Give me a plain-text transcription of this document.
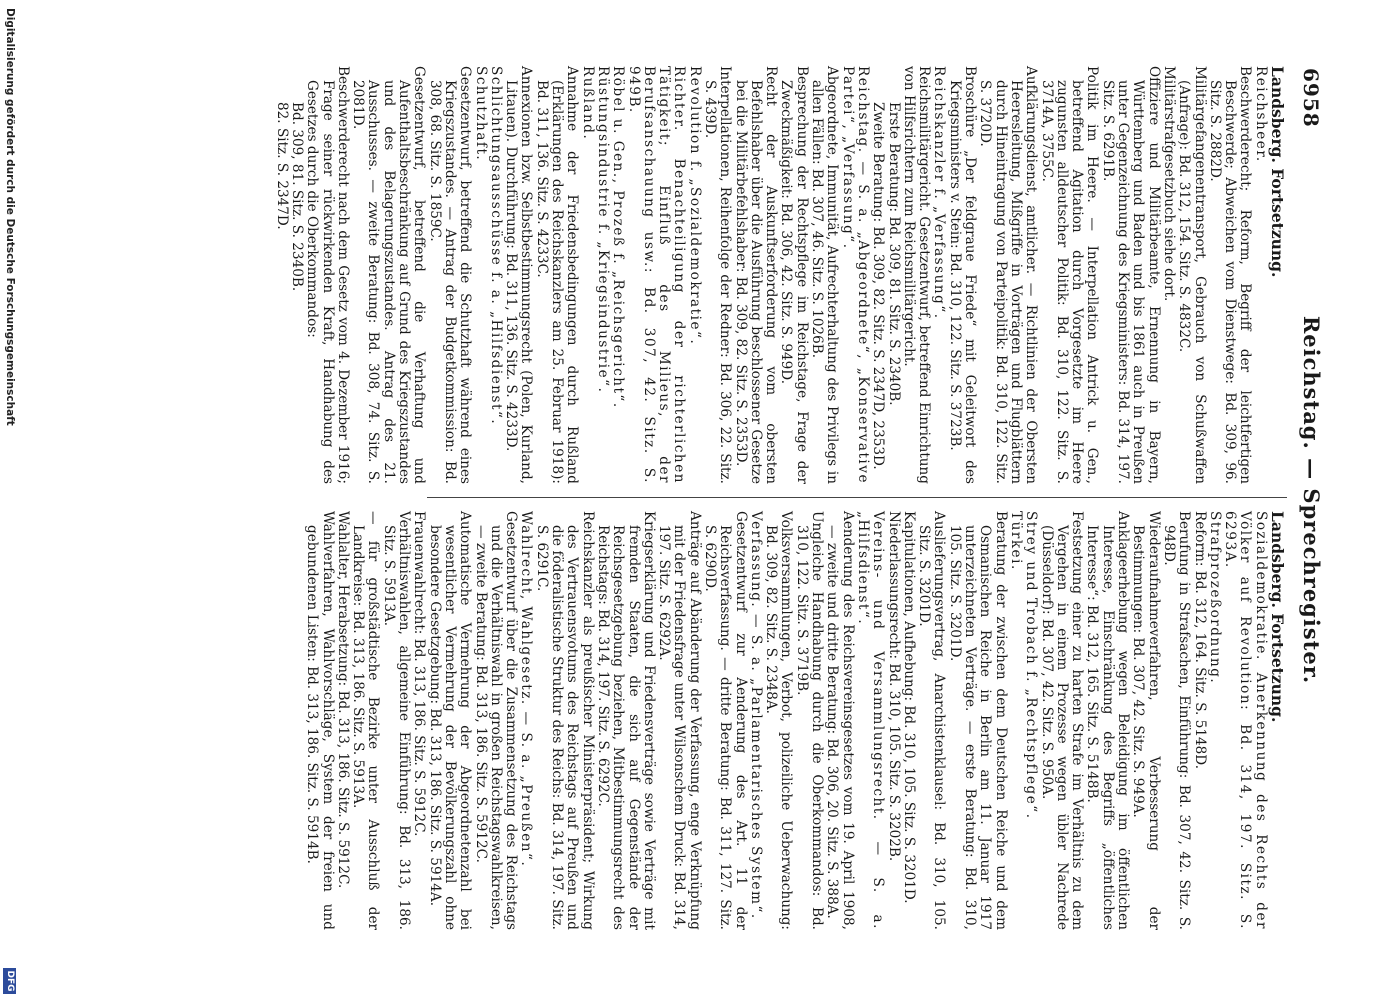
6958
Reichstag. — Sprechregister.
Landsberg. Fortsetzung.

Reichsheer.

Beschwerderecht; Reform, Begriff der leichtfertigen Beschwerde; Abweichen vom Dienstwege: Bd. 309, 96. Sitz. S. 2882D.

Militärgefangenentransport, Gebrauch von Schußwaffen (Anfrage): Bd. 312, 154. Sitz. S. 4832C.

Militärstrafgesetzbuch siehe dort.

Offiziere und Militärbeamte, Ernennung in Bayern, Württemberg und Baden und bis 1861 auch in Preußen unter Gegenzeichnung des Kriegsministers: Bd. 314, 197. Sitz. S. 6291B.

Politik im Heere. — Interpellation Antrick u. Gen., betreffend Agitation durch Vorgesetzte im Heere zugunsten alldeutscher Politik: Bd. 310, 122. Sitz. S. 3714A, 3755C.

Aufklärungsdienst, amtlicher. — Richtlinien der Obersten Heeresleitung, Mißgriffe in Vorträgen und Flugblättern durch Hineintragung von Parteipolitik: Bd. 310, 122. Sitz. S. 3720D.

Broschüre „Der feldgraue Friede“ mit Geleitwort des Kriegsministers v. Stein: Bd. 310, 122. Sitz. S. 3723B.

Reichskanzler f. „Verfassung“.

Reichsmilitärgericht. Gesetzentwurf, betreffend Einrichtung von Hilfsrichtern zum Reichsmilitärgericht.

Erste Beratung: Bd. 309, 81. Sitz. S. 2340B.

Zweite Beratung: Bd. 309, 82. Sitz. S. 2347D, 2353D.

Reichstag. — S. a. „Abgeordnete“, „Konservative Partei“, „Verfassung“.

Abgeordnete, Immunität, Aufrechterhaltung des Privilegs in allen Fällen: Bd. 307, 46. Sitz. S. 1026B.

Besprechung der Rechtspflege im Reichstage, Frage der Zweckmäßigkeit: Bd. 306, 42. Sitz. S. 949D.

Recht der Auskunftserforderung vom obersten Befehlshaber über die Ausführung beschlossener Gesetze bei die Militärbefehlshaber: Bd. 309, 82. Sitz. S. 2353D.

Interpellationen, Reihenfolge der Redner: Bd. 306, 22. Sitz. S. 439D.

Revolution f. „Sozialdemokratie“.

Richter. Benachteiligung der richterlichen Tätigkeit; Einfluß des Milieus, der Berufsanschauung usw.: Bd. 307, 42. Sitz. S. 949B.

Röbel u. Gen., Prozeß f. „Reichsgericht“.

Rüstungsindustrie f. „Kriegsindustrie“.

Rußland.

Annahme der Friedensbedingungen durch Rußland (Erklärungen des Reichskanzlers am 25. Februar 1918): Bd. 311, 136. Sitz. S. 4233C.

Annexionen bzw. Selbstbestimmungsrecht (Polen, Kurland, Litauen). Durchführung: Bd. 311, 136. Sitz. S. 4233D.

Schlichtungsausschüsse f. a. „Hilfsdienst“.

Schutzhaft.

Gesetzentwurf, betreffend die Schutzhaft während eines Kriegszustandes. — Antrag der Budgetkommission: Bd. 308, 68. Sitz. S. 1859C.

Gesetzentwurf, betreffend die Verhaftung und Aufenthaltsbeschränkung auf Grund des Kriegszustandes und des Belagerungszustandes. Antrag des 21. Ausschusses. — zweite Beratung: Bd. 308, 74. Sitz. S. 2081D.

Beschwerderecht nach dem Gesetz vom 4. Dezember 1916; Frage seiner rückwirkenden Kraft, Handhabung des Gesetzes durch die Oberkommandos:

Bd. 309, 81. Sitz. S. 2340B.

82. Sitz. S. 2347D.

Landsberg. Fortsetzung.

Sozialdemokratie. Anerkennung des Rechts der Völker auf Revolution: Bd. 314, 197. Sitz. S. 6293A.

Strafprozeßordnung.

Reform: Bd. 312, 164. Sitz. S. 5148D.

Berufung in Strafsachen, Einführung: Bd. 307, 42. Sitz. S. 948D.

Wiederaufnahmeverfahren, Verbesserung der Bestimmungen: Bd. 307, 42. Sitz. S. 949A.

Anklageerhebung wegen Beleidigung im öffentlichen Interesse, Einschränkung des Begriffs „öffentliches Interesse“: Bd. 312, 165. Sitz. S. 5148B.

Festsetzung einer zu harten Strafe im Verhältnis zu dem Vergehen in einem Prozesse wegen übler Nachrede (Düsseldorf): Bd. 307, 42. Sitz. S. 950A.

Strey und Trobach f. „Rechtspflege“.

Türkei.

Beratung der zwischen dem Deutschen Reiche und dem Osmanischen Reiche in Berlin am 11. Januar 1917 unterzeichneten Verträge. — erste Beratung: Bd. 310, 105. Sitz. S. 3201D.

Auslieferungsvertrag, Anarchistenklausel: Bd. 310, 105. Sitz. S. 3201D.

Kapitulationen, Aufhebung: Bd. 310, 105. Sitz. S. 3201D.

Niederlassungsrecht: Bd. 310, 105. Sitz. S. 3202B.

Vereins- und Versammlungsrecht. — S. a. „Hilfsdienst“.

Aenderung des Reichsvereinsgesetzes vom 19. April 1908, — zweite und dritte Beratung: Bd. 306, 20. Sitz. S. 388A.

Ungleiche Handhabung durch die Oberkommandos: Bd. 310, 122. Sitz. S. 3719B.

Volksversammlungen, Verbot, polizeiliche Ueberwachung: Bd. 309, 82. Sitz. S. 2348A.

Verfassung. — S. a. „Parlamentarisches System“.

Gesetzentwurf zur Aenderung des Art. 11 der Reichsverfassung. — dritte Beratung: Bd. 311, 127. Sitz. S. 6290D.

Anträge auf Abänderung der Verfassung, enge Verknüpfung mit der Friedensfrage unter Wilsonschem Druck: Bd. 314, 197. Sitz. S. 6292A.

Kriegserklärung und Friedensverträge sowie Verträge mit fremden Staaten, die sich auf Gegenstände der Reichsgesetzgebung beziehen, Mitbestimmungsrecht des Reichstags: Bd. 314, 197. Sitz. S. 6292C.

Reichskanzler als preußischer Ministerpräsident; Wirkung des Vertrauensvotums des Reichstags auf Preußen und die föderalistische Struktur des Reichs: Bd. 314, 197. Sitz. S. 6291C.

Wahlrecht, Wahlgesetz. — S. a. „Preußen“.

Gesetzentwurf über die Zusammensetzung des Reichstags und die Verhältniswahl in großen Reichstagswahlkreisen, — zweite Beratung: Bd. 313, 186. Sitz. S. 5912C.

Automatische Vermehrung der Abgeordnetenzahl bei wesentlicher Vermehrung der Bevölkerungszahl ohne besondere Gesetzgebung: Bd. 313, 186. Sitz. S. 5914A.

Frauenwahlrecht: Bd. 313, 186. Sitz. S. 5912C.

Verhältniswahlen, allgemeine Einführung: Bd. 313, 186. Sitz. S. 5913A.

— für großstädtische Bezirke unter Ausschluß der Landkreise: Bd. 313, 186. Sitz. S. 5913A.

Wahlalter, Herabsetzung: Bd. 313, 186. Sitz. S. 5912C.

Wahlverfahren, Wahlvorschläge, System der freien und gebundenen Listen: Bd. 313, 186. Sitz. S. 5914B.

Digitalisierung gefördert durch die Deutsche Forschungsgemeinschaft
DFG
